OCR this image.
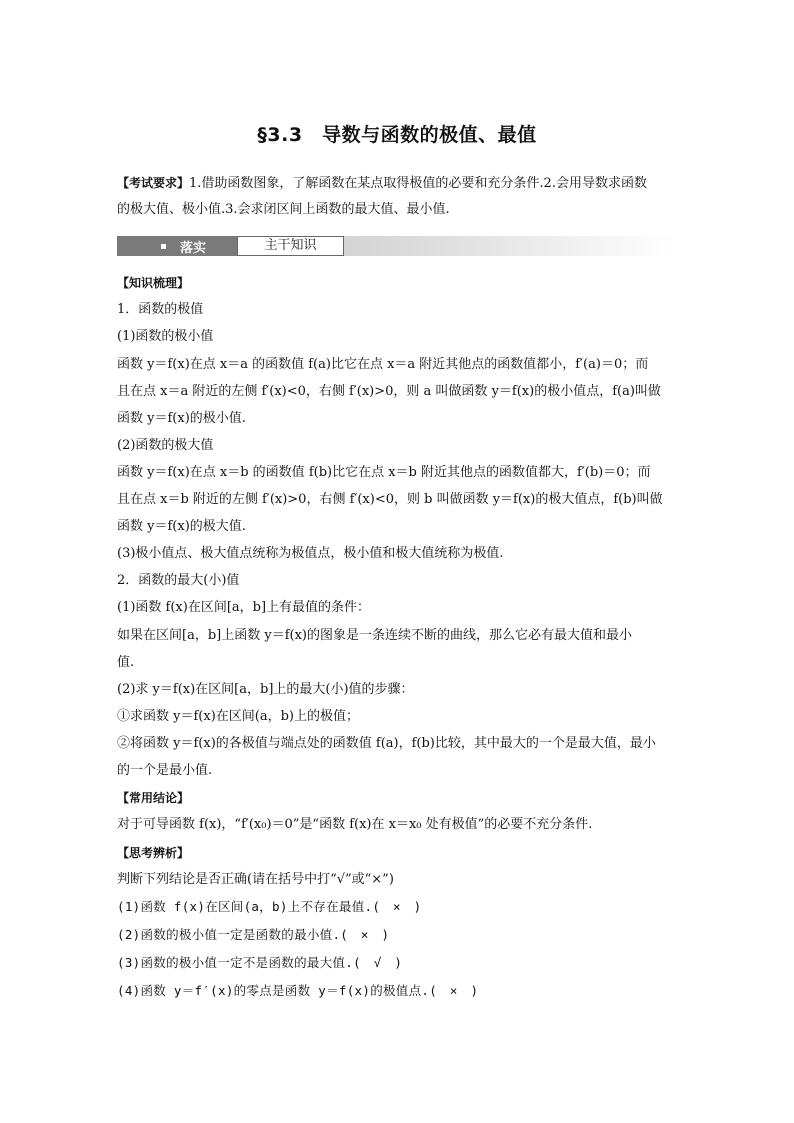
§3.3　导数与函数的极值、最值
【考试要求】1.借助函数图象，了解函数在某点取得极值的必要和充分条件.2.会用导数求函数
的极大值、极小值.3.会求闭区间上函数的最大值、最小值.
落实	主干知识
【知识梳理】
1．函数的极值
(1)函数的极小值
函数 y＝f(x)在点 x＝a 的函数值 f(a)比它在点 x＝a 附近其他点的函数值都小，f′(a)＝0；而
且在点 x＝a 附近的左侧 f′(x)<0，右侧 f′(x)>0，则 a 叫做函数 y＝f(x)的极小值点，f(a)叫做
函数 y＝f(x)的极小值.
(2)函数的极大值
函数 y＝f(x)在点 x＝b 的函数值 f(b)比它在点 x＝b 附近其他点的函数值都大，f′(b)＝0；而
且在点 x＝b 附近的左侧 f′(x)>0，右侧 f′(x)<0，则 b 叫做函数 y＝f(x)的极大值点，f(b)叫做
函数 y＝f(x)的极大值.
(3)极小值点、极大值点统称为极值点，极小值和极大值统称为极值.
2．函数的最大(小)值
(1)函数 f(x)在区间[a，b]上有最值的条件：
如果在区间[a，b]上函数 y＝f(x)的图象是一条连续不断的曲线，那么它必有最大值和最小
值.
(2)求 y＝f(x)在区间[a，b]上的最大(小)值的步骤：
①求函数 y＝f(x)在区间(a，b)上的极值；
②将函数 y＝f(x)的各极值与端点处的函数值 f(a)，f(b)比较，其中最大的一个是最大值，最小
的一个是最小值.
【常用结论】
对于可导函数 f(x)，“f′(x₀)＝0”是“函数 f(x)在 x＝x₀ 处有极值”的必要不充分条件.
【思考辨析】
判断下列结论是否正确(请在括号中打“√”或“×”)
(1)函数 f(x)在区间(a，b)上不存在最值.(　×　)
(2)函数的极小值一定是函数的最小值.(　×　)
(3)函数的极小值一定不是函数的最大值.(　√　)
(4)函数 y＝f′(x)的零点是函数 y＝f(x)的极值点.(　×　)
